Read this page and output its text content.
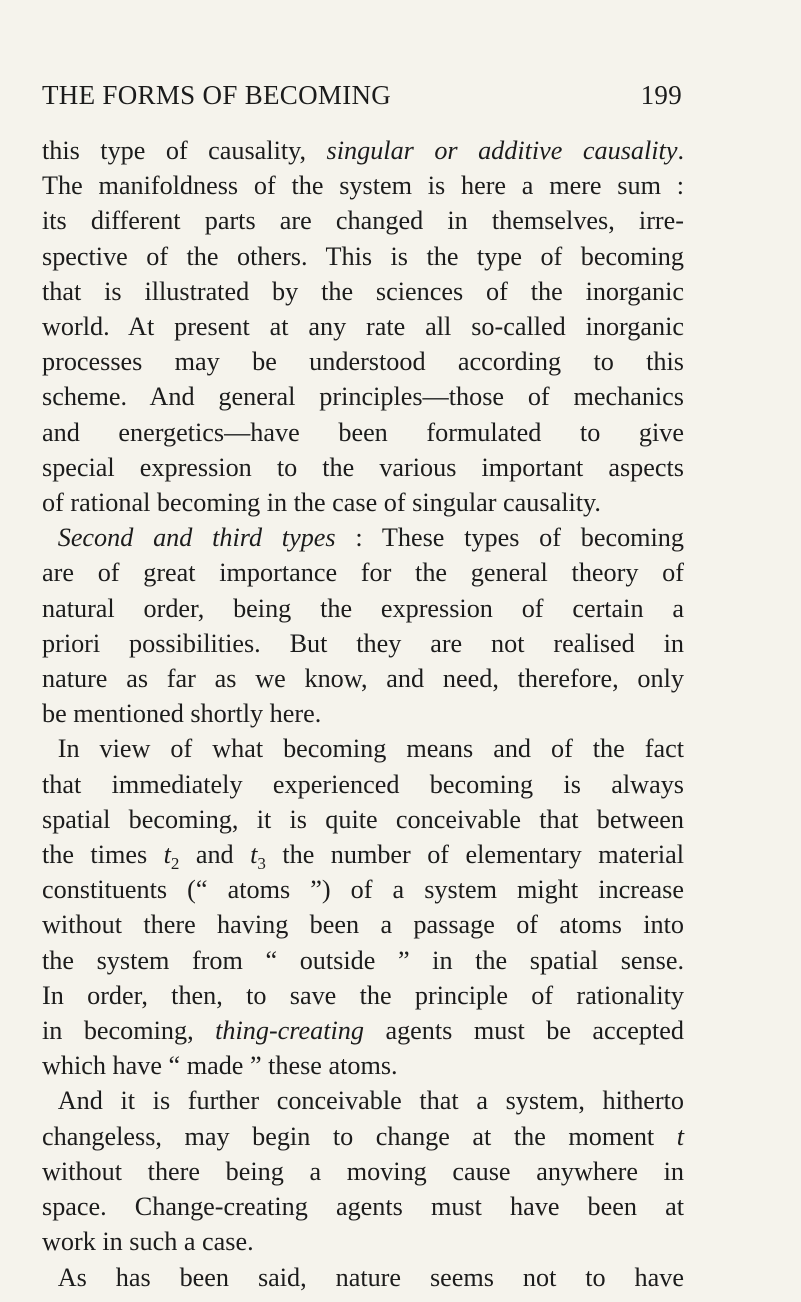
THE FORMS OF BECOMING	199
this type of causality, singular or additive causality.
The manifoldness of the system is here a mere sum :
its different parts are changed in themselves, irre-
spective of the others. This is the type of becoming
that is illustrated by the sciences of the inorganic
world. At present at any rate all so-called inorganic
processes may be understood according to this
scheme. And general principles—those of mechanics
and energetics—have been formulated to give
special expression to the various important aspects
of rational becoming in the case of singular causality.
Second and third types : These types of becoming
are of great importance for the general theory of
natural order, being the expression of certain a
priori possibilities. But they are not realised in
nature as far as we know, and need, therefore, only
be mentioned shortly here.
In view of what becoming means and of the fact
that immediately experienced becoming is always
spatial becoming, it is quite conceivable that between
the times $t_2$ and $t_3$ the number of elementary material
constituents (“ atoms ”) of a system might increase
without there having been a passage of atoms into
the system from “ outside ” in the spatial sense.
In order, then, to save the principle of rationality
in becoming, thing-creating agents must be accepted
which have “ made ” these atoms.
And it is further conceivable that a system, hitherto
changeless, may begin to change at the moment t
without there being a moving cause anywhere in
space. Change-creating agents must have been at
work in such a case.
As has been said, nature seems not to have
